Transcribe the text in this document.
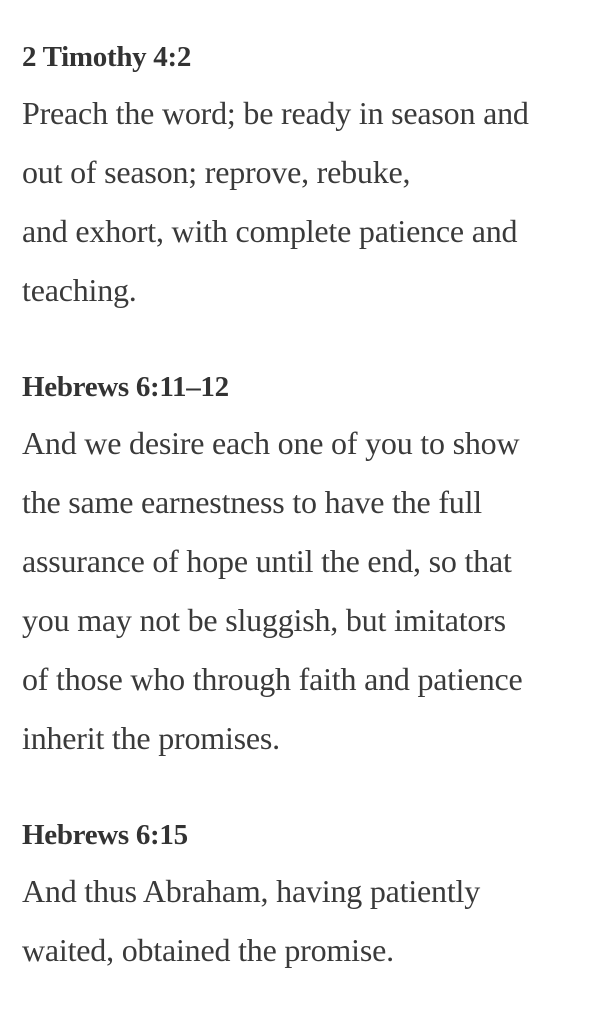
2 Timothy 4:2

Preach the word; be ready in season and

out of season; reprove, rebuke,

and exhort, with complete patience and

teaching.

Hebrews 6:11–12

And we desire each one of you to show

the same earnestness to have the full

assurance of hope until the end, so that

you may not be sluggish, but imitators

of those who through faith and patience

inherit the promises.

Hebrews 6:15

And thus Abraham, having patiently

waited, obtained the promise.
